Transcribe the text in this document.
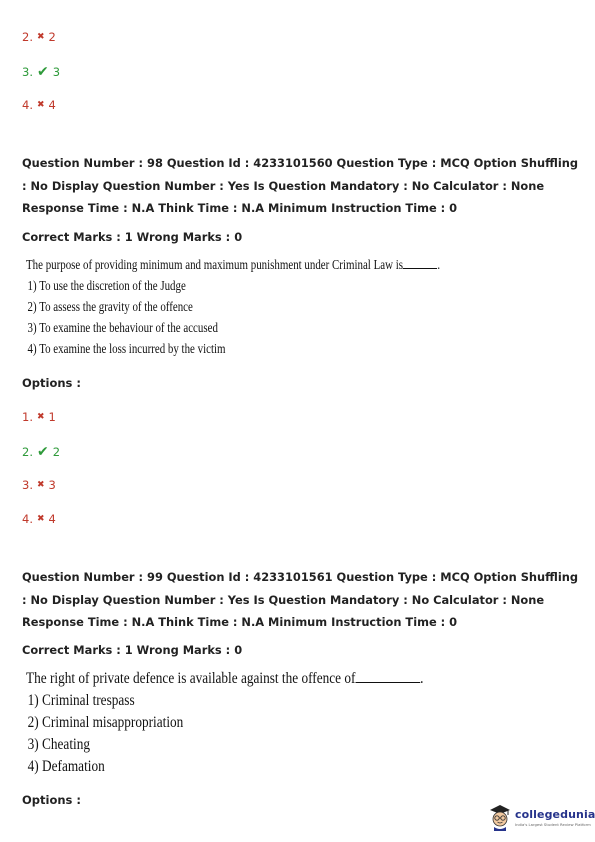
2. ✖ 2
3. ✔ 3
4. ✖ 4
Question Number : 98 Question Id : 4233101560 Question Type : MCQ Option Shuffling : No Display Question Number : Yes Is Question Mandatory : No Calculator : None Response Time : N.A Think Time : N.A Minimum Instruction Time : 0
Correct Marks : 1 Wrong Marks : 0
The purpose of providing minimum and maximum punishment under Criminal Law is .
1) To use the discretion of the Judge
2) To assess the gravity of the offence
3) To examine the behaviour of the accused
4) To examine the loss incurred by the victim
Options :
1. ✖ 1
2. ✔ 2
3. ✖ 3
4. ✖ 4
Question Number : 99 Question Id : 4233101561 Question Type : MCQ Option Shuffling : No Display Question Number : Yes Is Question Mandatory : No Calculator : None Response Time : N.A Think Time : N.A Minimum Instruction Time : 0
Correct Marks : 1 Wrong Marks : 0
The right of private defence is available against the offence of	.
1) Criminal trespass
2) Criminal misappropriation
3) Cheating
4) Defamation
Options :
collegedunia
India's Largest Student Review Platform
